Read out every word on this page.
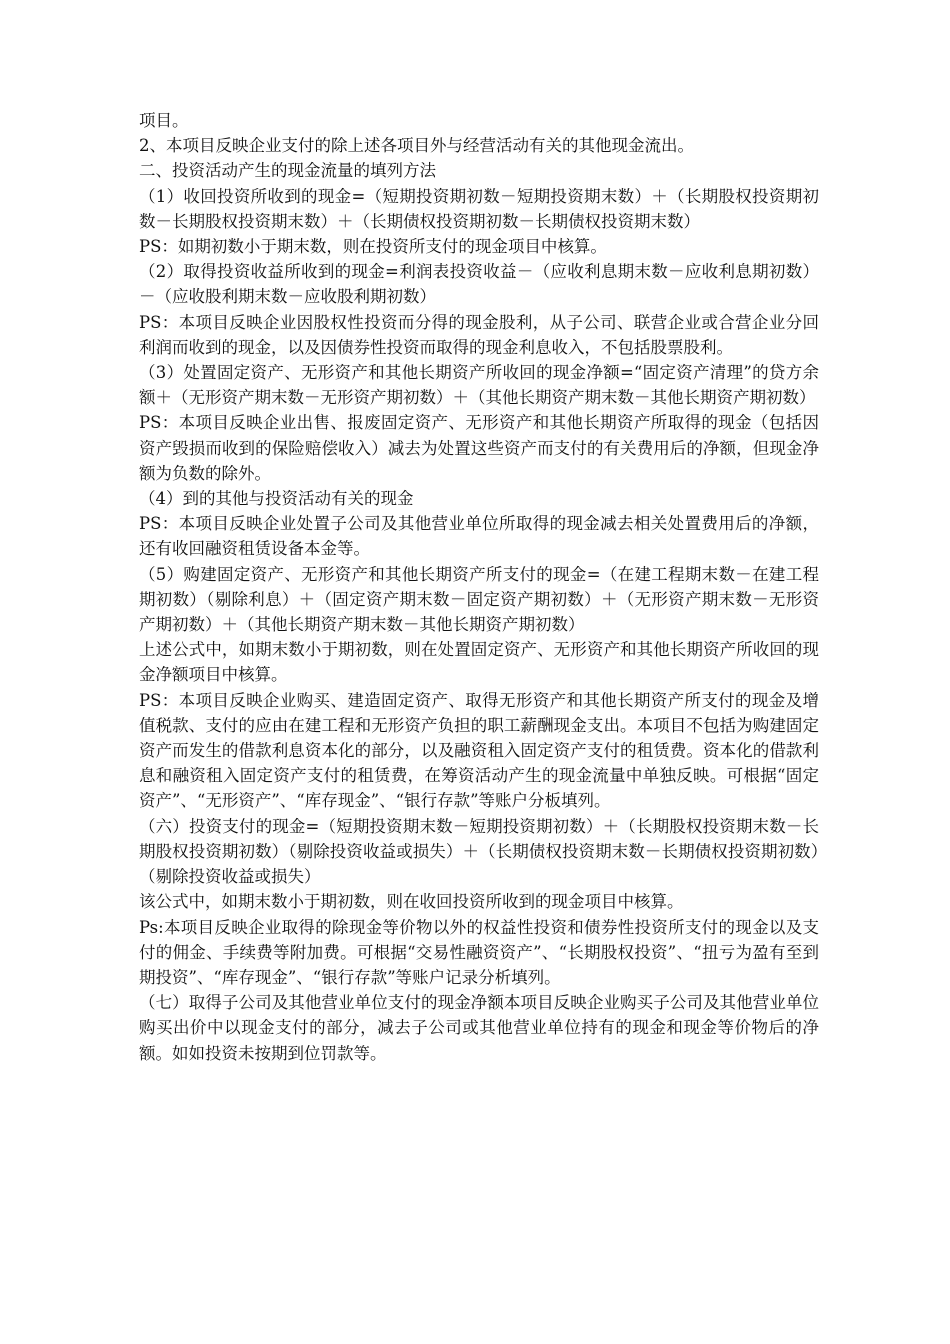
项目。

2、本项目反映企业支付的除上述各项目外与经营活动有关的其他现金流出。

二、投资活动产生的现金流量的填列方法

（1）收回投资所收到的现金=（短期投资期初数－短期投资期末数）＋（长期股权投资期初数－长期股权投资期末数）＋（长期债权投资期初数－长期债权投资期末数）

PS：如期初数小于期末数，则在投资所支付的现金项目中核算。

（2）取得投资收益所收到的现金=利润表投资收益－（应收利息期末数－应收利息期初数）－（应收股利期末数－应收股利期初数）

PS：本项目反映企业因股权性投资而分得的现金股利，从子公司、联营企业或合营企业分回利润而收到的现金，以及因债券性投资而取得的现金利息收入，不包括股票股利。

（3）处置固定资产、无形资产和其他长期资产所收回的现金净额=“固定资产清理”的贷方余额＋（无形资产期末数－无形资产期初数）＋（其他长期资产期末数－其他长期资产期初数）

PS：本项目反映企业出售、报废固定资产、无形资产和其他长期资产所取得的现金（包括因资产毁损而收到的保险赔偿收入）减去为处置这些资产而支付的有关费用后的净额，但现金净额为负数的除外。

（4）到的其他与投资活动有关的现金

PS：本项目反映企业处置子公司及其他营业单位所取得的现金减去相关处置费用后的净额，还有收回融资租赁设备本金等。

（5）购建固定资产、无形资产和其他长期资产所支付的现金=（在建工程期末数－在建工程期初数）（剔除利息）＋（固定资产期末数－固定资产期初数）＋（无形资产期末数－无形资产期初数）＋（其他长期资产期末数－其他长期资产期初数）

上述公式中，如期末数小于期初数，则在处置固定资产、无形资产和其他长期资产所收回的现金净额项目中核算。

PS：本项目反映企业购买、建造固定资产、取得无形资产和其他长期资产所支付的现金及增值税款、支付的应由在建工程和无形资产负担的职工薪酬现金支出。本项目不包括为购建固定资产而发生的借款利息资本化的部分，以及融资租入固定资产支付的租赁费。资本化的借款利息和融资租入固定资产支付的租赁费，在筹资活动产生的现金流量中单独反映。可根据“固定资产”、“无形资产”、“库存现金”、“银行存款”等账户分板填列。

（六）投资支付的现金=（短期投资期末数－短期投资期初数）＋（长期股权投资期末数－长期股权投资期初数）（剔除投资收益或损失）＋（长期债权投资期末数－长期债权投资期初数）（剔除投资收益或损失）

该公式中，如期末数小于期初数，则在收回投资所收到的现金项目中核算。

Ps:本项目反映企业取得的除现金等价物以外的权益性投资和债券性投资所支付的现金以及支付的佣金、手续费等附加费。可根据“交易性融资资产”、“长期股权投资”、“扭亏为盈有至到期投资”、“库存现金”、“银行存款”等账户记录分析填列。

（七）取得子公司及其他营业单位支付的现金净额本项目反映企业购买子公司及其他营业单位购买出价中以现金支付的部分，减去子公司或其他营业单位持有的现金和现金等价物后的净额。如如投资未按期到位罚款等。
